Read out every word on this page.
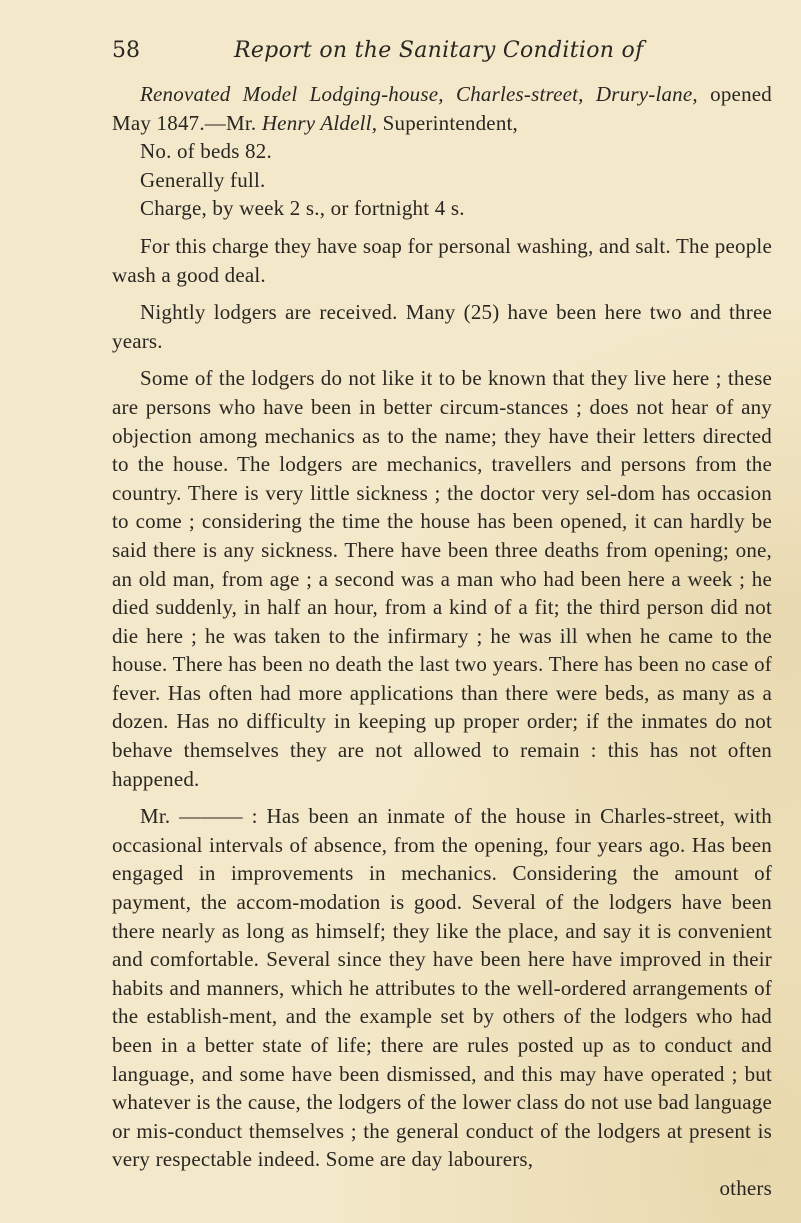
58	Report on the Sanitary Condition of

Renovated Model Lodging-house, Charles-street, Drury-lane, opened May 1847.—Mr. Henry Aldell, Superintendent,

No. of beds 82.

Generally full.

Charge, by week 2 s., or fortnight 4 s.

For this charge they have soap for personal washing, and salt. The people wash a good deal.

Nightly lodgers are received. Many (25) have been here two and three years.

Some of the lodgers do not like it to be known that they live here ; these are persons who have been in better circum-stances ; does not hear of any objection among mechanics as to the name; they have their letters directed to the house. The lodgers are mechanics, travellers and persons from the country. There is very little sickness ; the doctor very sel-dom has occasion to come ; considering the time the house has been opened, it can hardly be said there is any sickness. There have been three deaths from opening; one, an old man, from age ; a second was a man who had been here a week ; he died suddenly, in half an hour, from a kind of a fit; the third person did not die here ; he was taken to the infirmary ; he was ill when he came to the house. There has been no death the last two years. There has been no case of fever. Has often had more applications than there were beds, as many as a dozen. Has no difficulty in keeping up proper order; if the inmates do not behave themselves they are not allowed to remain : this has not often happened.

Mr. ——— : Has been an inmate of the house in Charles-street, with occasional intervals of absence, from the opening, four years ago. Has been engaged in improvements in mechanics. Considering the amount of payment, the accom-modation is good. Several of the lodgers have been there nearly as long as himself; they like the place, and say it is convenient and comfortable. Several since they have been here have improved in their habits and manners, which he attributes to the well-ordered arrangements of the establish-ment, and the example set by others of the lodgers who had been in a better state of life; there are rules posted up as to conduct and language, and some have been dismissed, and this may have operated ; but whatever is the cause, the lodgers of the lower class do not use bad language or mis-conduct themselves ; the general conduct of the lodgers at present is very respectable indeed. Some are day labourers,

others
